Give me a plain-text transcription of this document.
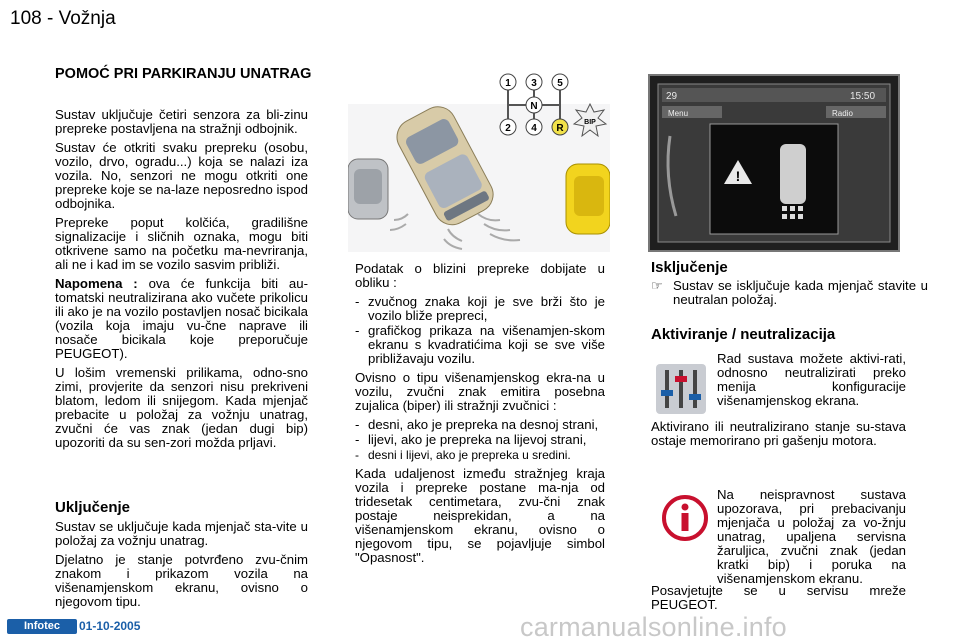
108 - Vožnja
POMOĆ PRI PARKIRANJU UNATRAG

Sustav uključuje četiri senzora za bli-zinu prepreke postavljena na stražnji odbojnik.

Sustav će otkriti svaku prepreku (osobu, vozilo, drvo, ogradu...) koja se nalazi iza vozila. No, senzori ne mogu otkriti one prepreke koje se na-laze neposredno ispod odbojnika.

Prepreke poput kolčića, gradilišne signalizacije i sličnih oznaka, mogu biti otkrivene samo na početku ma-nevriranja, ali ne i kad im se vozilo sasvim približi.

Napomena : ova će funkcija biti au-tomatski neutralizirana ako vučete prikolicu ili ako je na vozilo postavljen nosač bicikala (vozila koja imaju vu-čne naprave ili nosače bicikala koje preporučuje PEUGEOT).

U lošim vremenski prilikama, odno-sno zimi, provjerite da senzori nisu prekriveni blatom, ledom ili snijegom. Kada mjenjač prebacite u položaj za vožnju unatrag, zvučni će vas znak (jedan dugi bip) upozoriti da su sen-zori možda prljavi.

Uključenje

Sustav se uključuje kada mjenjač sta-vite u položaj za vožnju unatrag.

Djelatno je stanje potvrđeno zvu-čnim znakom i prikazom vozila na višenamjenskom ekranu, ovisno o njegovom tipu.

1 3 5
N
2 4 R
BIP

Podatak o blizini prepreke dobijate u obliku :

- zvučnog znaka koji je sve brži što je vozilo bliže prepreci,
- grafičkog prikaza na višenamjen-skom ekranu s kvadratićima koji se sve više približavaju vozilu.

Ovisno o tipu višenamjenskog ekra-na u vozilu, zvučni znak emitira posebna zujalica (biper) ili stražnji zvučnici :

- desni, ako je prepreka na desnoj strani,
- lijevi, ako je prepreka na lijevoj strani,
- desni i lijevi, ako je prepreka u sredini.

Kada udaljenost između stražnjeg kraja vozila i prepreke postane ma-nja od tridesetak centimetara, zvu-čni znak postaje neisprekidan, a na višenamjenskom ekranu, ovisno o njegovom tipu, se pojavljuje simbol "Opasnost".

29	15:50
Menu	Radio
!
Isključenje
☞ Sustav se isključuje kada mjenjač stavite u neutralan položaj.
Aktiviranje / neutralizacija
Rad sustava možete aktivi-rati, odnosno neutralizirati preko menija konfiguracije višenamjenskog ekrana.
Aktivirano ili neutralizirano stanje su-stava ostaje memorirano pri gašenju motora.
Na neispravnost sustava upozorava, pri prebacivanju mjenjača u položaj za vo-žnju unatrag, upaljena servisna žaruljica, zvučni znak (jedan kratki bip) i poruka na višenamjenskom ekranu.
Posavjetujte se u servisu mreže PEUGEOT.
Infotec	01-10-2005	carmanualsonline.info
